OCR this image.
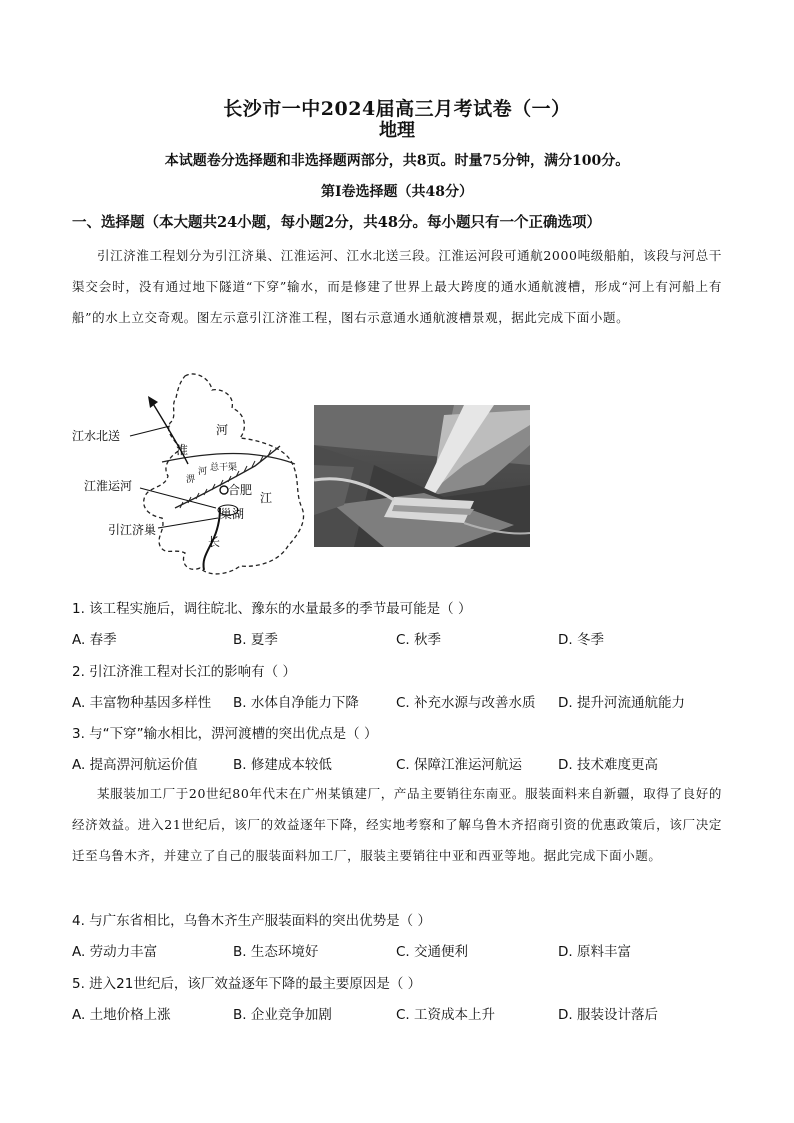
长沙市一中2024届高三月考试卷（一）
地理
本试题卷分选择题和非选择题两部分，共8页。时量75分钟，满分100分。
第Ⅰ卷选择题（共48分）
一、选择题（本大题共24小题，每小题2分，共48分。每小题只有一个正确选项）
引江济淮工程划分为引江济巢、江淮运河、江水北送三段。江淮运河段可通航2000吨级船舶，该段与河总干渠交会时，没有通过地下隧道“下穿”输水，而是修建了世界上最大跨度的通水通航渡槽，形成“河上有河船上有船”的水上立交奇观。图左示意引江济淮工程，图右示意通水通航渡槽景观，据此完成下面小题。
江水北送
江淮运河
引江济巢
淮
河
淠
河 总干渠
合肥
江
巢湖
长
1. 该工程实施后，调往皖北、豫东的水量最多的季节最可能是（ ）
A. 春季	B. 夏季	C. 秋季	D. 冬季
2. 引江济淮工程对长江的影响有（ ）
A. 丰富物种基因多样性 B. 水体自净能力下降	C. 补充水源与改善水质 D. 提升河流通航能力
3. 与“下穿”输水相比，淠河渡槽的突出优点是（ ）
A. 提高淠河航运价值	B. 修建成本较低	C. 保障江淮运河航运	D. 技术难度更高
某服装加工厂于20世纪80年代末在广州某镇建厂，产品主要销往东南亚。服装面料来自新疆，取得了良好的经济效益。进入21世纪后，该厂的效益逐年下降，经实地考察和了解乌鲁木齐招商引资的优惠政策后，该厂决定迁至乌鲁木齐，并建立了自己的服装面料加工厂，服装主要销往中亚和西亚等地。据此完成下面小题。
4. 与广东省相比，乌鲁木齐生产服装面料的突出优势是（ ）
A. 劳动力丰富	B. 生态环境好	C. 交通便利	D. 原料丰富
5. 进入21世纪后，该厂效益逐年下降的最主要原因是（ ）
A. 土地价格上涨	B. 企业竞争加剧	C. 工资成本上升	D. 服装设计落后
